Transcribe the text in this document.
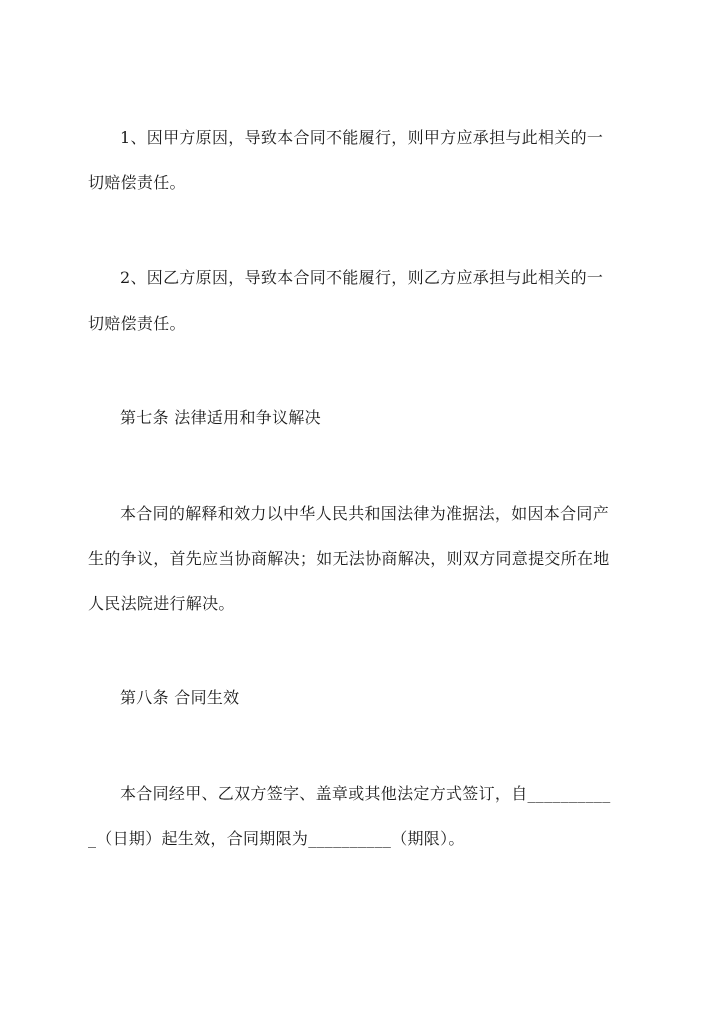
1、因甲方原因，导致本合同不能履行，则甲方应承担与此相关的一
切赔偿责任。
2、因乙方原因，导致本合同不能履行，则乙方应承担与此相关的一
切赔偿责任。
第七条 法律适用和争议解决
本合同的解释和效力以中华人民共和国法律为准据法，如因本合同产
生的争议，首先应当协商解决；如无法协商解决，则双方同意提交所在地
人民法院进行解决。
第八条 合同生效
本合同经甲、乙双方签字、盖章或其他法定方式签订，自__________
_（日期）起生效，合同期限为__________（期限）。
